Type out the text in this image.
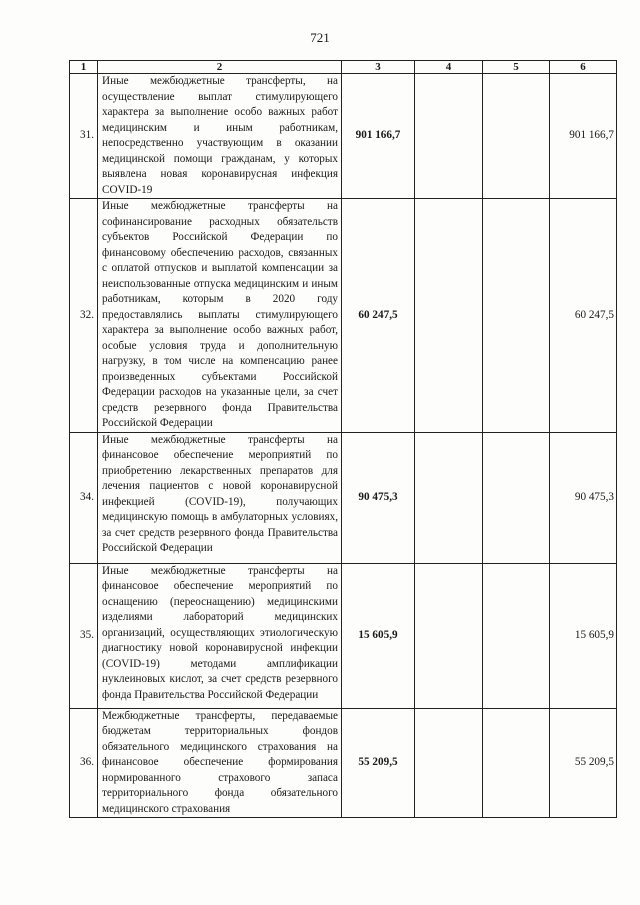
721
1	2	3	4	5	6
31.	Иные межбюджетные трансферты, на осуществление выплат стимулирующего характера за выполнение особо важных работ медицинским и иным работникам, непосредственно участвующим в оказании медицинской помощи гражданам, у которых выявлена новая коронавирусная инфекция COVID-19	901 166,7			901 166,7
32.	Иные межбюджетные трансферты на софинансирование расходных обязательств субъектов Российской Федерации по финансовому обеспечению расходов, связанных с оплатой отпусков и выплатой компенсации за неиспользованные отпуска медицинским и иным работникам, которым в 2020 году предоставлялись выплаты стимулирующего характера за выполнение особо важных работ, особые условия труда и дополнительную нагрузку, в том числе на компенсацию ранее произведенных субъектами Российской Федерации расходов на указанные цели, за счет средств резервного фонда Правительства Российской Федерации	60 247,5			60 247,5
34.	Иные межбюджетные трансферты на финансовое обеспечение мероприятий по приобретению лекарственных препаратов для лечения пациентов с новой коронавирусной инфекцией (COVID-19), получающих медицинскую помощь в амбулаторных условиях, за счет средств резервного фонда Правительства Российской Федерации	90 475,3			90 475,3
35.	Иные межбюджетные трансферты на финансовое обеспечение мероприятий по оснащению (переоснащению) медицинскими изделиями лабораторий медицинских организаций, осуществляющих этиологическую диагностику новой коронавирусной инфекции (COVID-19) методами амплификации нуклеиновых кислот, за счет средств резервного фонда Правительства Российской Федерации	15 605,9			15 605,9
36.	Межбюджетные трансферты, передаваемые бюджетам территориальных фондов обязательного медицинского страхования на финансовое обеспечение формирования нормированного страхового запаса территориального фонда обязательного медицинского страхования	55 209,5			55 209,5
